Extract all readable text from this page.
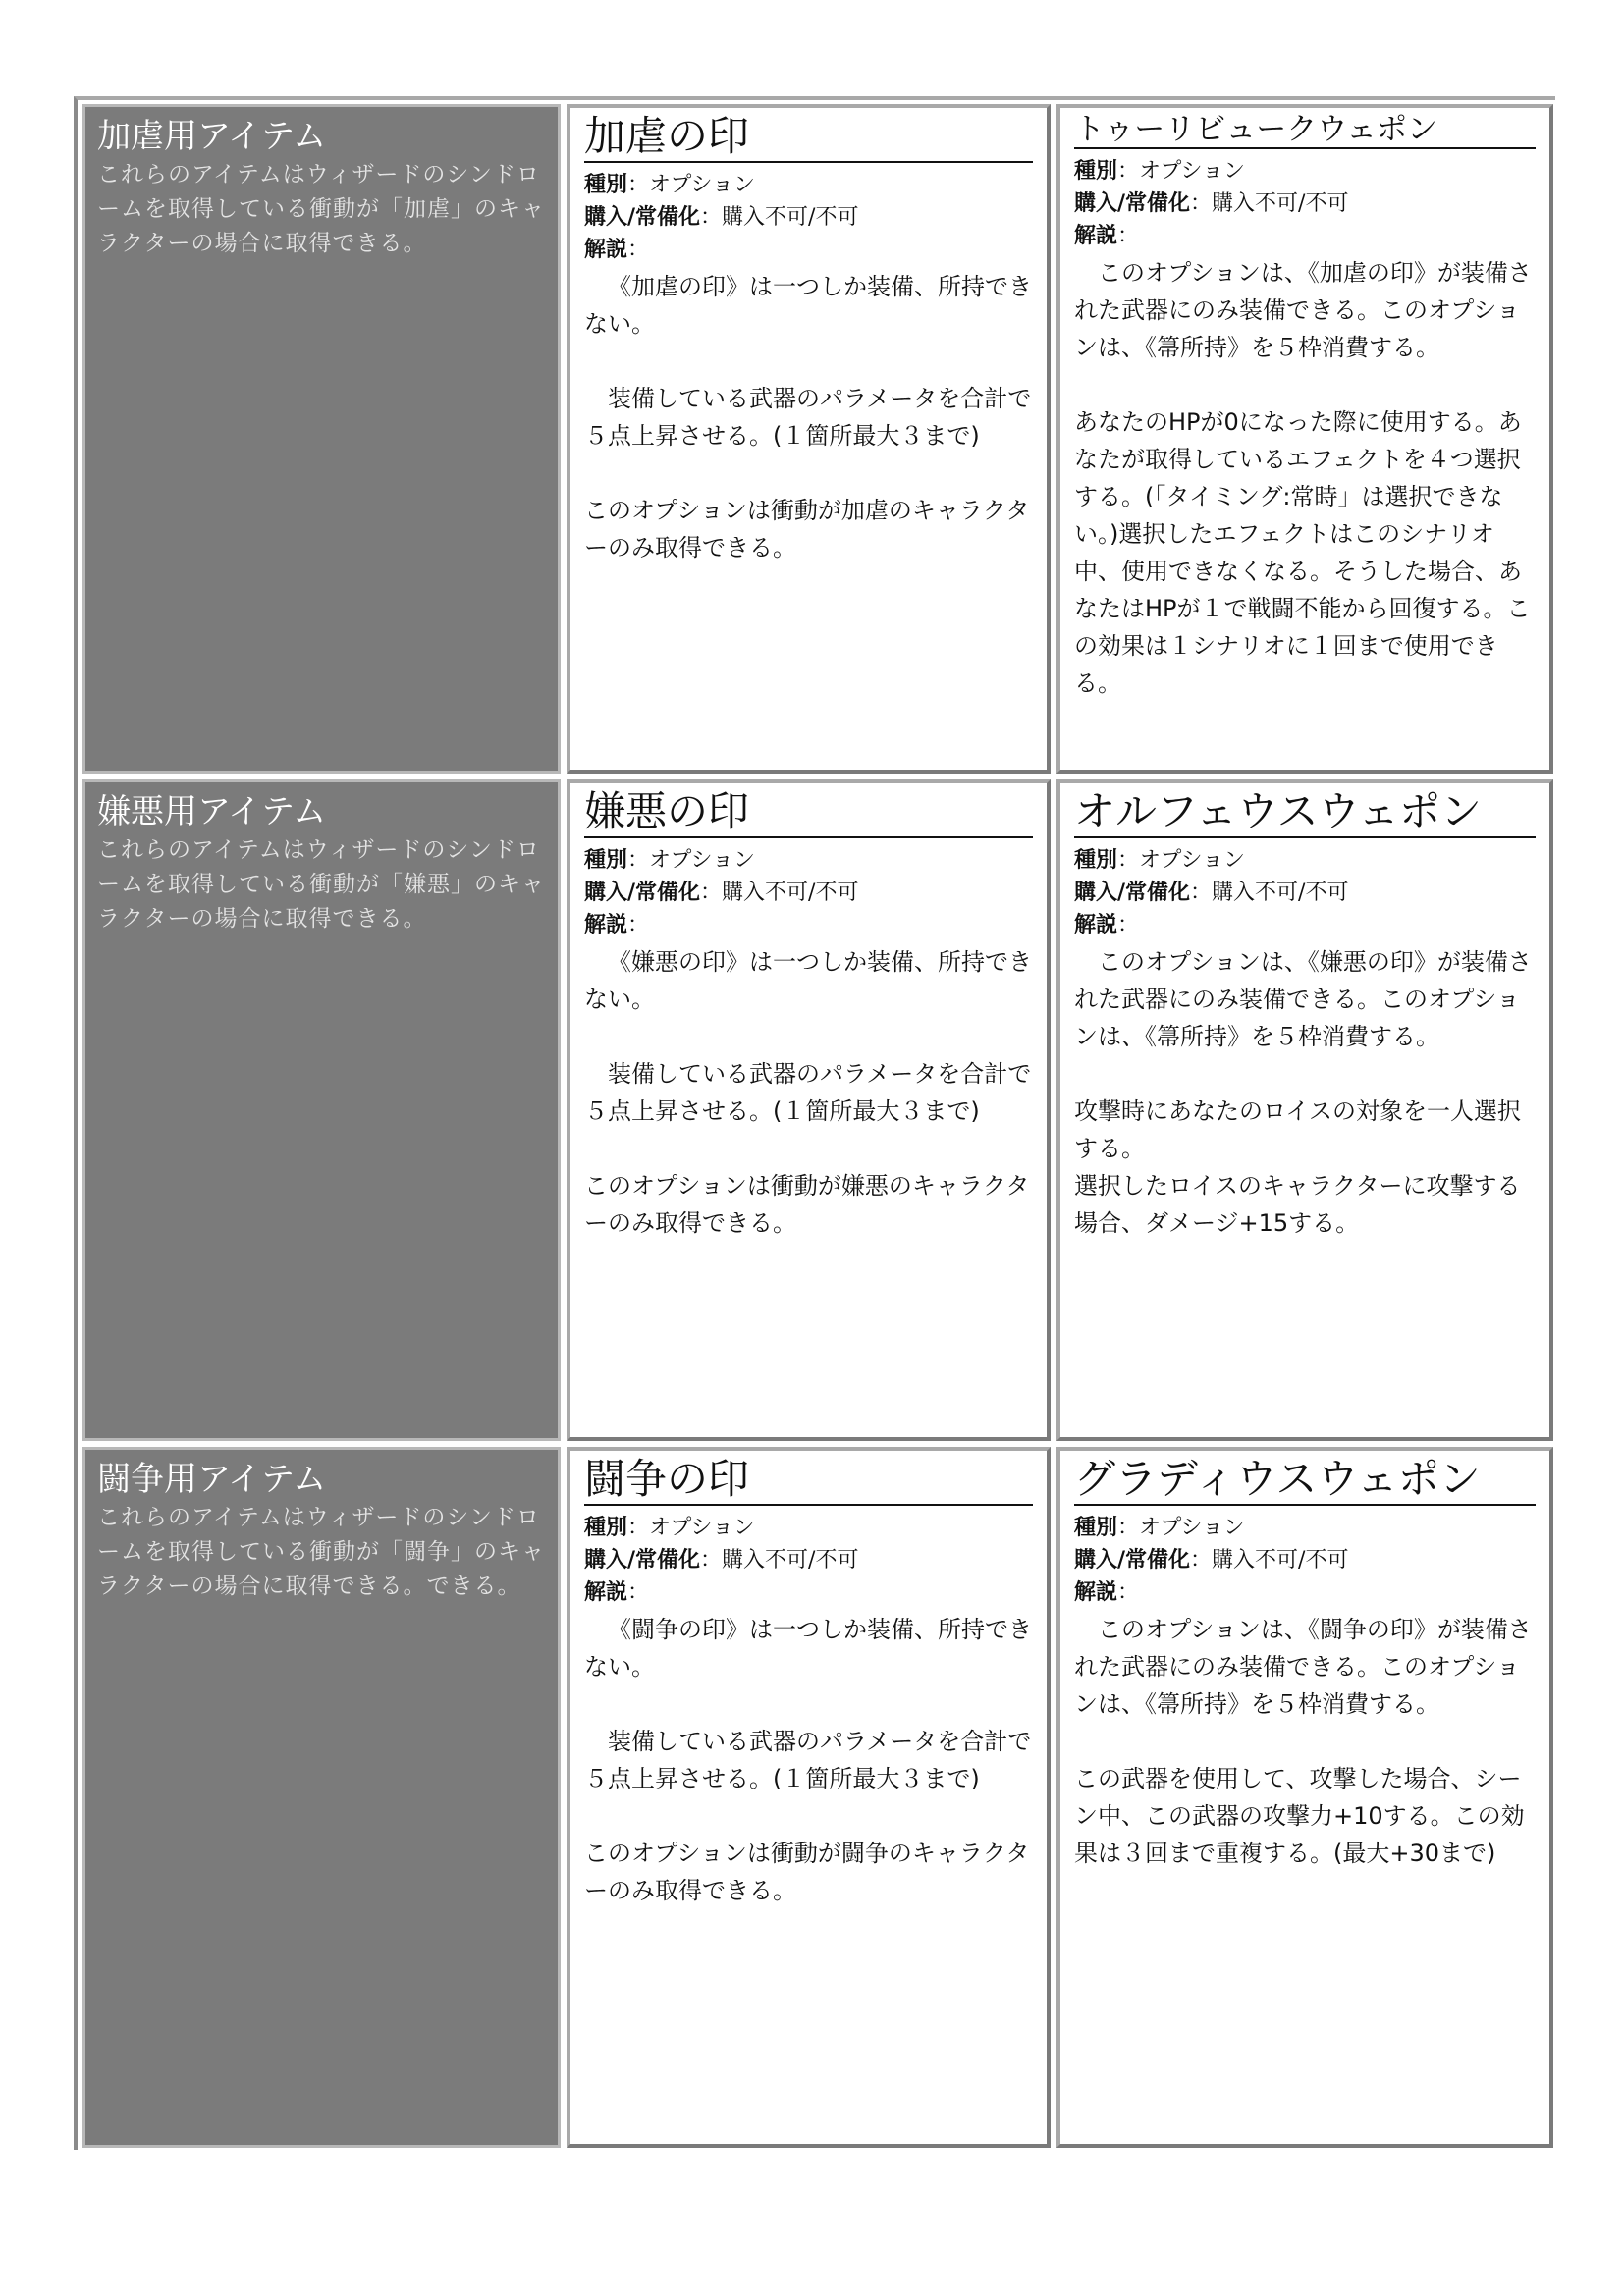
加虐用アイテム
これらのアイテムはウィザードのシンドロームを取得している衝動が「加虐」のキャラクターの場合に取得できる。
加虐の印
種別：オプション
購入/常備化：購入不可/不可
解説：

《加虐の印》は一つしか装備、所持できない。

装備している武器のパラメータを合計で５点上昇させる。(１箇所最大３まで)

このオプションは衝動が加虐のキャラクターのみ取得できる。

トゥーリビュークウェポン
種別：オプション
購入/常備化：購入不可/不可
解説：

このオプションは、《加虐の印》が装備された武器にのみ装備できる。このオプションは、《箒所持》を５枠消費する。

あなたのHPが0になった際に使用する。あなたが取得しているエフェクトを４つ選択する。(「タイミング:常時」は選択できない。)選択したエフェクトはこのシナリオ中、使用できなくなる。そうした場合、あなたはHPが１で戦闘不能から回復する。この効果は１シナリオに１回まで使用できる。

嫌悪用アイテム
これらのアイテムはウィザードのシンドロームを取得している衝動が「嫌悪」のキャラクターの場合に取得できる。
嫌悪の印
種別：オプション
購入/常備化：購入不可/不可
解説：

《嫌悪の印》は一つしか装備、所持できない。

装備している武器のパラメータを合計で５点上昇させる。(１箇所最大３まで)

このオプションは衝動が嫌悪のキャラクターのみ取得できる。

オルフェウスウェポン
種別：オプション
購入/常備化：購入不可/不可
解説：

このオプションは、《嫌悪の印》が装備された武器にのみ装備できる。このオプションは、《箒所持》を５枠消費する。

攻撃時にあなたのロイスの対象を一人選択する。
選択したロイスのキャラクターに攻撃する場合、ダメージ+15する。

闘争用アイテム
これらのアイテムはウィザードのシンドロームを取得している衝動が「闘争」のキャラクターの場合に取得できる。できる。
闘争の印
種別：オプション
購入/常備化：購入不可/不可
解説：

《闘争の印》は一つしか装備、所持できない。

装備している武器のパラメータを合計で５点上昇させる。(１箇所最大３まで)

このオプションは衝動が闘争のキャラクターのみ取得できる。

グラディウスウェポン
種別：オプション
購入/常備化：購入不可/不可
解説：

このオプションは、《闘争の印》が装備された武器にのみ装備できる。このオプションは、《箒所持》を５枠消費する。

この武器を使用して、攻撃した場合、シーン中、この武器の攻撃力+10する。この効果は３回まで重複する。(最大+30まで)
